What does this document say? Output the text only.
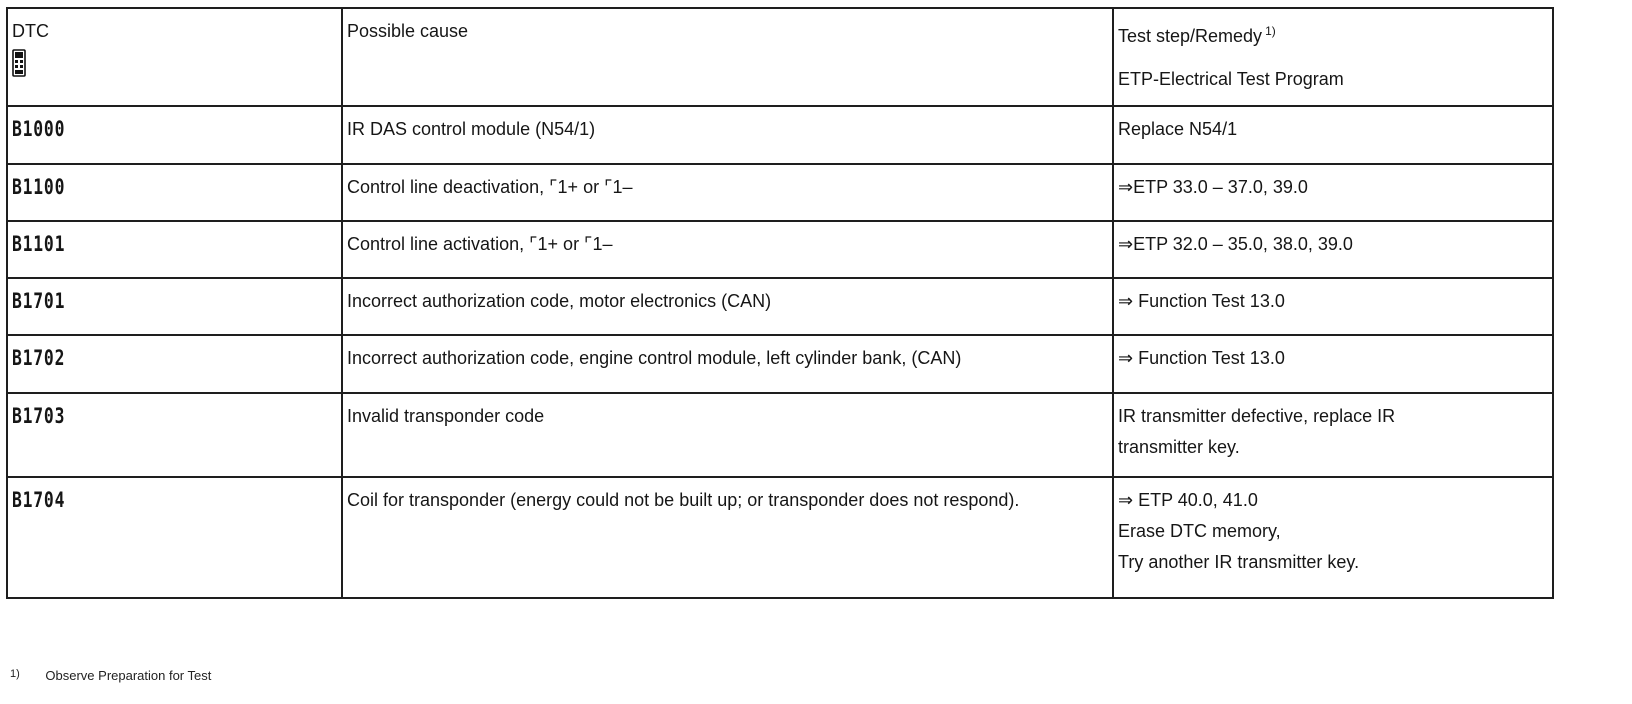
DTC	Possible cause	Test step/Remedy $^{1)}$
ETP-Electrical Test Program

B1000	IR DAS control module (N54/1)	Replace N54/1

B1100	Control line deactivation, ⌜1+ or ⌜1–	⇒ETP 33.0 – 37.0, 39.0

B1101	Control line activation, ⌜1+ or ⌜1–	⇒ETP 32.0 – 35.0, 38.0, 39.0

B1701	Incorrect authorization code, motor electronics (CAN)	⇒ Function Test 13.0

B1702	Incorrect authorization code, engine control module, left cylinder bank, (CAN)	⇒ Function Test 13.0

B1703	Invalid transponder code	IR transmitter defective, replace IR
transmitter key.

B1704	Coil for transponder (energy could not be built up; or transponder does not respond).	⇒ ETP 40.0, 41.0
Erase DTC memory,
Try another IR transmitter key.
$^{1)}$ Observe Preparation for Test
